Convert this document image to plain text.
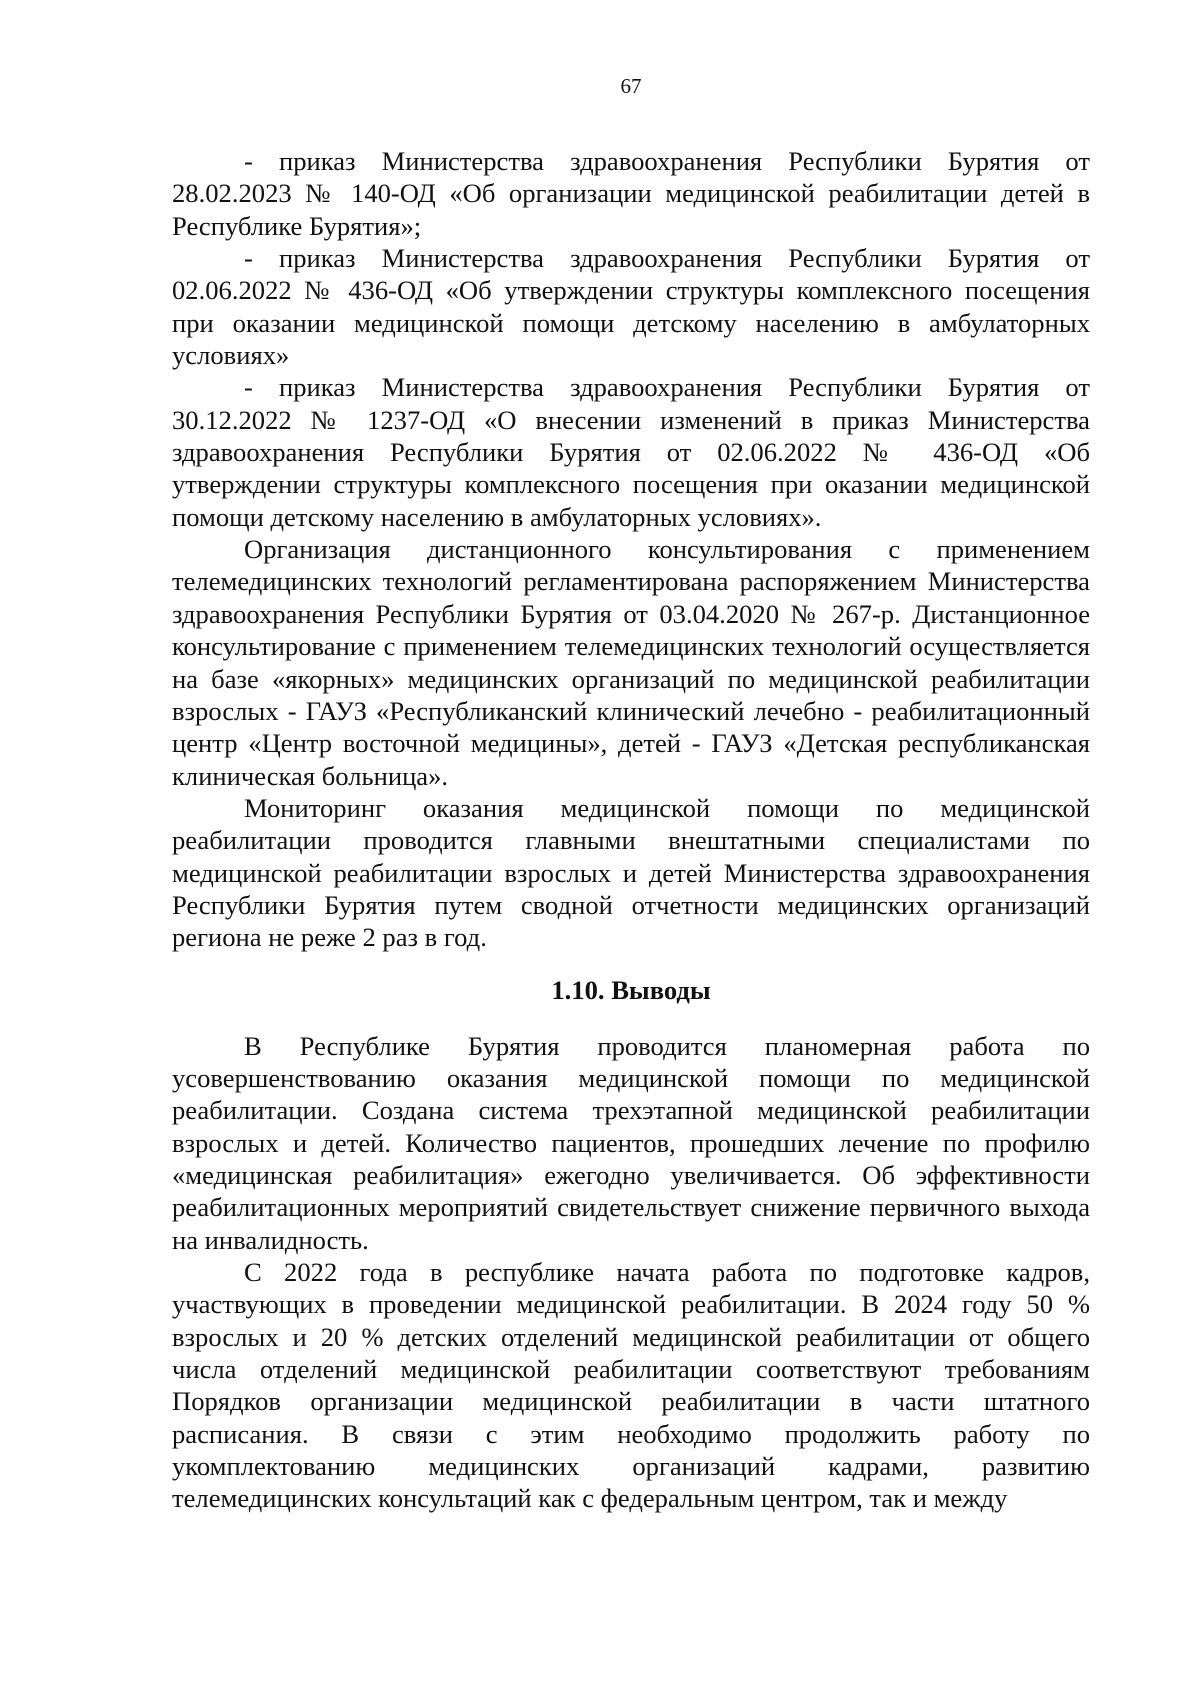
67

- приказ Министерства здравоохранения Республики Бурятия от 28.02.2023 № 140-ОД «Об организации медицинской реабилитации детей в Республике Бурятия»;

- приказ Министерства здравоохранения Республики Бурятия от 02.06.2022 № 436-ОД «Об утверждении структуры комплексного посещения при оказании медицинской помощи детскому населению в амбулаторных условиях»

- приказ Министерства здравоохранения Республики Бурятия от 30.12.2022 № 1237-ОД «О внесении изменений в приказ Министерства здравоохранения Республики Бурятия от 02.06.2022 № 436-ОД «Об утверждении структуры комплексного посещения при оказании медицинской помощи детскому населению в амбулаторных условиях».

Организация дистанционного консультирования с применением телемедицинских технологий регламентирована распоряжением Министерства здравоохранения Республики Бурятия от 03.04.2020 № 267-р. Дистанционное консультирование с применением телемедицинских технологий осуществляется на базе «якорных» медицинских организаций по медицинской реабилитации взрослых - ГАУЗ «Республиканский клинический лечебно - реабилитационный центр «Центр восточной медицины», детей - ГАУЗ «Детская республиканская клиническая больница».

Мониторинг оказания медицинской помощи по медицинской реабилитации проводится главными внештатными специалистами по медицинской реабилитации взрослых и детей Министерства здравоохранения Республики Бурятия путем сводной отчетности медицинских организаций региона не реже 2 раз в год.

1.10. Выводы

В Республике Бурятия проводится планомерная работа по усовершенствованию оказания медицинской помощи по медицинской реабилитации. Создана система трехэтапной медицинской реабилитации взрослых и детей. Количество пациентов, прошедших лечение по профилю «медицинская реабилитация» ежегодно увеличивается. Об эффективности реабилитационных мероприятий свидетельствует снижение первичного выхода на инвалидность.

С 2022 года в республике начата работа по подготовке кадров, участвующих в проведении медицинской реабилитации. В 2024 году 50 % взрослых и 20 % детских отделений медицинской реабилитации от общего числа отделений медицинской реабилитации соответствуют требованиям Порядков организации медицинской реабилитации в части штатного расписания. В связи с этим необходимо продолжить работу по укомплектованию медицинских организаций кадрами, развитию телемедицинских консультаций как с федеральным центром, так и между
